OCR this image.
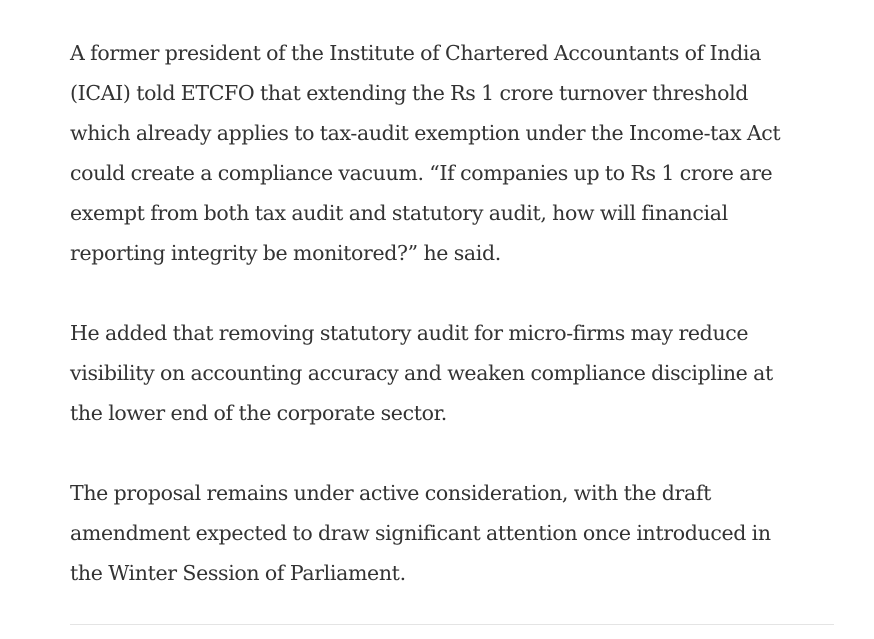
A former president of the Institute of Chartered Accountants of India
(ICAI) told ETCFO that extending the Rs 1 crore turnover threshold
which already applies to tax-audit exemption under the Income-tax Act
could create a compliance vacuum. “If companies up to Rs 1 crore are
exempt from both tax audit and statutory audit, how will financial
reporting integrity be monitored?” he said.

He added that removing statutory audit for micro-firms may reduce
visibility on accounting accuracy and weaken compliance discipline at
the lower end of the corporate sector.

The proposal remains under active consideration, with the draft
amendment expected to draw significant attention once introduced in
the Winter Session of Parliament.
